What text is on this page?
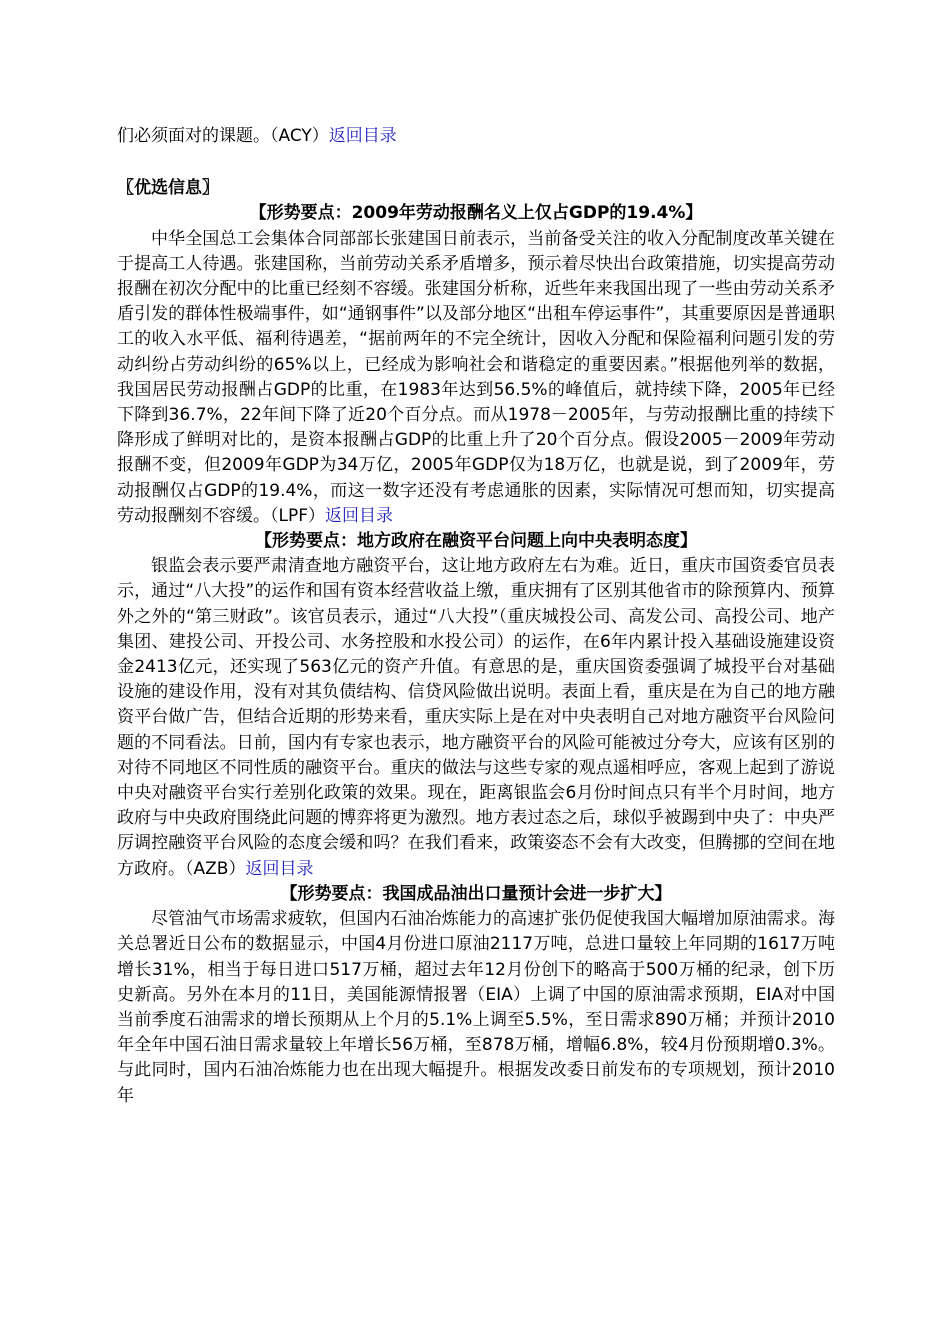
们必须面对的课题。（ACY）返回目录

〖优选信息〗

【形势要点：2009年劳动报酬名义上仅占GDP的19.4%】

中华全国总工会集体合同部部长张建国日前表示，当前备受关注的收入分配制度改革关键在于提高工人待遇。张建国称，当前劳动关系矛盾增多，预示着尽快出台政策措施，切实提高劳动报酬在初次分配中的比重已经刻不容缓。张建国分析称，近些年来我国出现了一些由劳动关系矛盾引发的群体性极端事件，如“通钢事件”以及部分地区“出租车停运事件”，其重要原因是普通职工的收入水平低、福利待遇差，“据前两年的不完全统计，因收入分配和保险福利问题引发的劳动纠纷占劳动纠纷的65%以上，已经成为影响社会和谐稳定的重要因素。”根据他列举的数据，我国居民劳动报酬占GDP的比重，在1983年达到56.5%的峰值后，就持续下降，2005年已经下降到36.7%，22年间下降了近20个百分点。而从1978－2005年，与劳动报酬比重的持续下降形成了鲜明对比的，是资本报酬占GDP的比重上升了20个百分点。假设2005－2009年劳动报酬不变，但2009年GDP为34万亿，2005年GDP仅为18万亿，也就是说，到了2009年，劳动报酬仅占GDP的19.4%，而这一数字还没有考虑通胀的因素，实际情况可想而知，切实提高劳动报酬刻不容缓。（LPF）返回目录

【形势要点：地方政府在融资平台问题上向中央表明态度】

银监会表示要严肃清查地方融资平台，这让地方政府左右为难。近日，重庆市国资委官员表示，通过“八大投”的运作和国有资本经营收益上缴，重庆拥有了区别其他省市的除预算内、预算外之外的“第三财政”。该官员表示，通过“八大投”（重庆城投公司、高发公司、高投公司、地产集团、建投公司、开投公司、水务控股和水投公司）的运作，在6年内累计投入基础设施建设资金2413亿元，还实现了563亿元的资产升值。有意思的是，重庆国资委强调了城投平台对基础设施的建设作用，没有对其负债结构、信贷风险做出说明。表面上看，重庆是在为自己的地方融资平台做广告，但结合近期的形势来看，重庆实际上是在对中央表明自己对地方融资平台风险问题的不同看法。日前，国内有专家也表示，地方融资平台的风险可能被过分夸大，应该有区别的对待不同地区不同性质的融资平台。重庆的做法与这些专家的观点遥相呼应，客观上起到了游说中央对融资平台实行差别化政策的效果。现在，距离银监会6月份时间点只有半个月时间，地方政府与中央政府围绕此问题的博弈将更为激烈。地方表过态之后，球似乎被踢到中央了：中央严厉调控融资平台风险的态度会缓和吗？在我们看来，政策姿态不会有大改变，但腾挪的空间在地方政府。（AZB）返回目录

【形势要点：我国成品油出口量预计会进一步扩大】

尽管油气市场需求疲软，但国内石油冶炼能力的高速扩张仍促使我国大幅增加原油需求。海关总署近日公布的数据显示，中国4月份进口原油2117万吨，总进口量较上年同期的1617万吨增长31%，相当于每日进口517万桶，超过去年12月份创下的略高于500万桶的纪录，创下历史新高。另外在本月的11日，美国能源情报署（EIA）上调了中国的原油需求预期，EIA对中国当前季度石油需求的增长预期从上个月的5.1%上调至5.5%，至日需求890万桶；并预计2010年全年中国石油日需求量较上年增长56万桶，至878万桶，增幅6.8%，较4月份预期增0.3%。与此同时，国内石油冶炼能力也在出现大幅提升。根据发改委日前发布的专项规划，预计2010年
